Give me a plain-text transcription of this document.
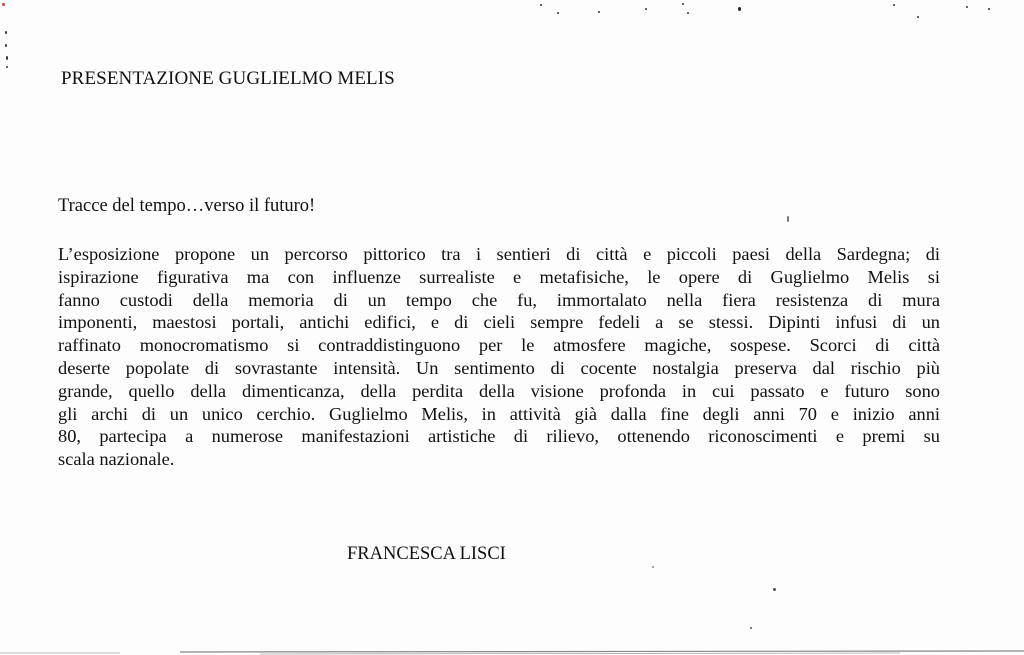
PRESENTAZIONE GUGLIELMO MELIS

Tracce del tempo…verso il futuro!

L’esposizione propone un percorso pittorico tra i sentieri di città e piccoli paesi della Sardegna; di
ispirazione figurativa ma con influenze surrealiste e metafisiche, le opere di Guglielmo Melis si
fanno custodi della memoria di un tempo che fu, immortalato nella fiera resistenza di mura
imponenti, maestosi portali, antichi edifici, e di cieli sempre fedeli a se stessi. Dipinti infusi di un
raffinato monocromatismo si contraddistinguono per le atmosfere magiche, sospese. Scorci di città
deserte popolate di sovrastante intensità. Un sentimento di cocente nostalgia preserva dal rischio più
grande, quello della dimenticanza, della perdita della visione profonda in cui passato e futuro sono
gli archi di un unico cerchio. Guglielmo Melis, in attività già dalla fine degli anni 70 e inizio anni
80, partecipa a numerose manifestazioni artistiche di rilievo, ottenendo riconoscimenti e premi su
scala nazionale.

FRANCESCA LISCI
